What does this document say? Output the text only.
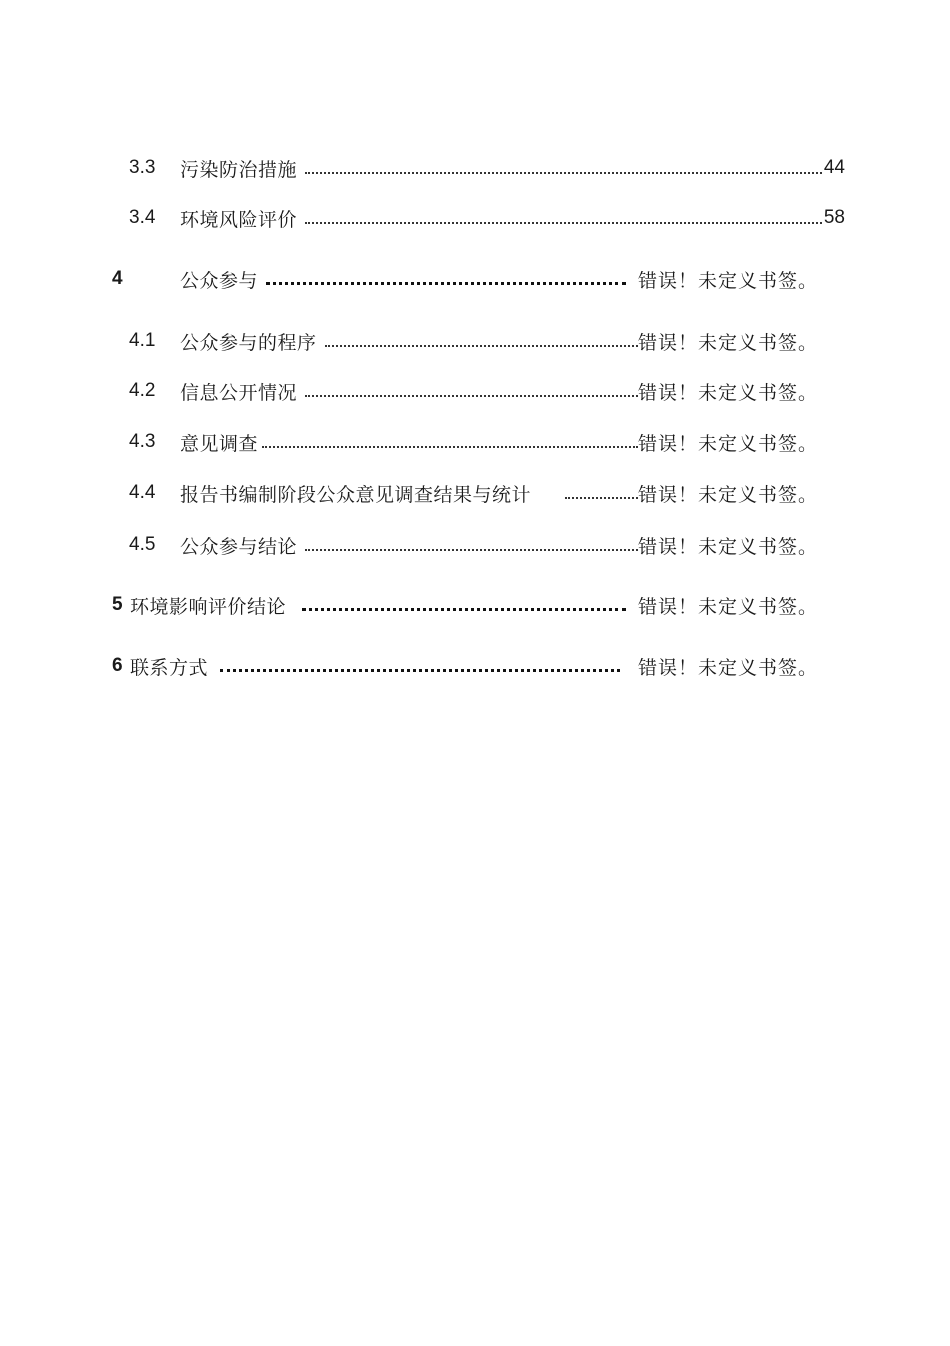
3.3	污染防治措施	44
3.4	环境风险评价	58
4	公众参与	错误！未定义书签。
4.1	公众参与的程序	错误！未定义书签。
4.2	信息公开情况	错误！未定义书签。
4.3	意见调查	错误！未定义书签。
4.4	报告书编制阶段公众意见调查结果与统计	错误！未定义书签。
4.5	公众参与结论	错误！未定义书签。
5 环境影响评价结论	错误！未定义书签。
6 联系方式	错误！未定义书签。
